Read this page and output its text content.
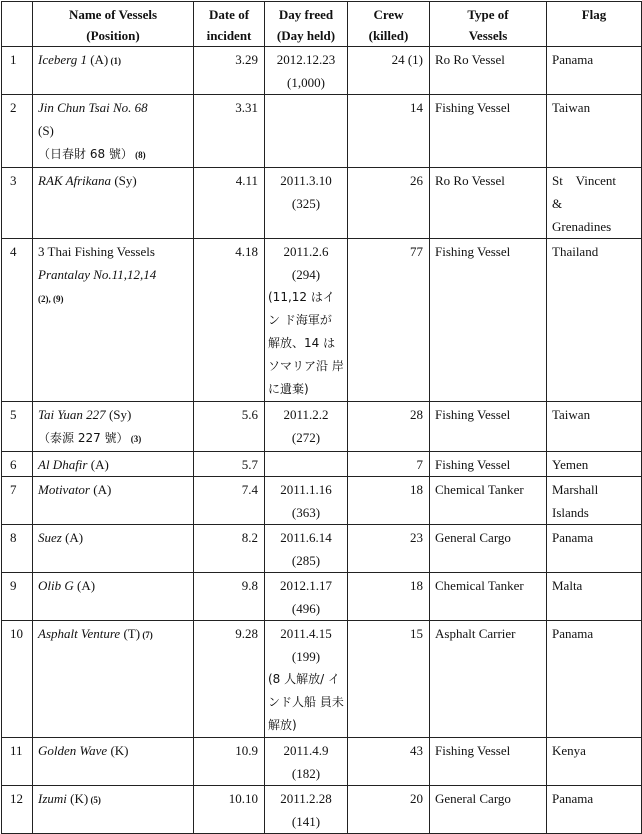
	Name of Vessels
(Position)	Date of
incident	Day freed
(Day held)	Crew
(killed)	Type of
Vessels	Flag
1	Iceberg 1 (A) (1)	3.29	2012.12.23
(1,000)	24 (1)	Ro Ro Vessel	Panama
2	Jin Chun Tsai No. 68
(S)
（日春財 68 號） (8)	3.31		14	Fishing Vessel	Taiwan
3	RAK Afrikana (Sy)	4.11	2011.3.10
(325)	26	Ro Ro Vessel	St    Vincent
&
Grenadines

4	3 Thai Fishing Vessels
Prantalay No.11,12,14
(2), (9)	4.18	2011.2.6
(294)
(11,12 はイン ド海軍が 解放、14 は ソマリア沿 岸に遺棄)	77	Fishing Vessel	Thailand
5	Tai Yuan 227 (Sy)
（泰源 227 號） (3)	5.6	2011.2.2
(272)	28	Fishing Vessel	Taiwan
6	Al Dhafir (A)	5.7		7	Fishing Vessel	Yemen
7	Motivator (A)	7.4	2011.1.16
(363)	18	Chemical Tanker	Marshall
Islands

8	Suez (A)	8.2	2011.6.14
(285)	23	General Cargo	Panama
9	Olib G (A)	9.8	2012.1.17
(496)	18	Chemical Tanker	Malta
10	Asphalt Venture (T) (7)	9.28	2011.4.15
(199)
(8 人解放/ インド人船 員未解放)	15	Asphalt Carrier	Panama
11	Golden Wave (K)	10.9	2011.4.9
(182)	43	Fishing Vessel	Kenya
12	Izumi (K) (5)	10.10	2011.2.28
(141)	20	General Cargo	Panama
